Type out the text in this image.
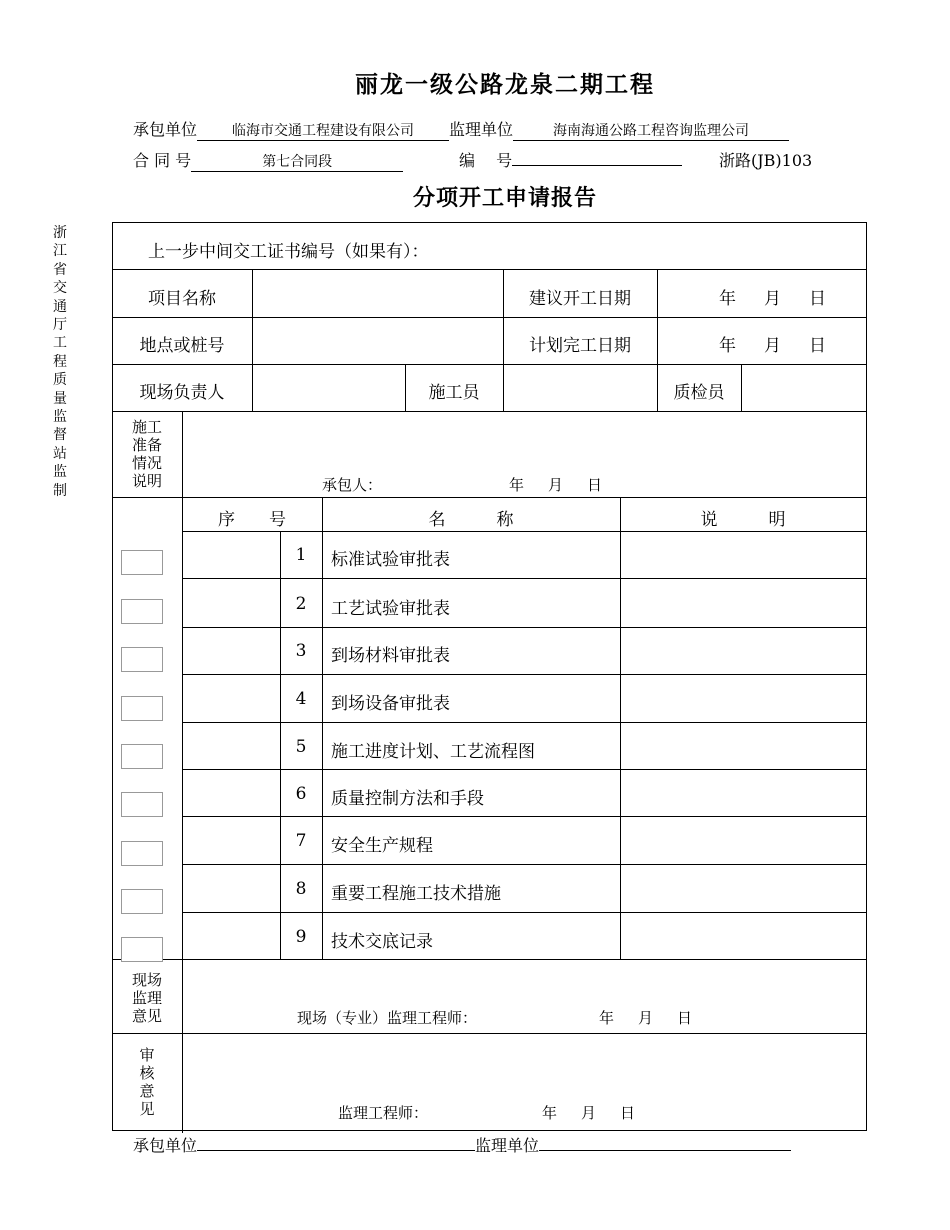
丽龙一级公路龙泉二期工程
承包单位	临海市交通工程建设有限公司 监理单位	海南海通公路工程咨询监理公司
合 同 号	第七合同段	编　 号	浙路(JB)103
分项开工申请报告
浙
江
省
交
通
厅
工
程
质
量
监
督
站
监
制
上一步中间交工证书编号（如果有）：
项目名称	建议开工日期	年 月 日
地点或桩号	计划完工日期	年 月 日
现场负责人	施工员	质检员
施工
准备
情况
说明	承包人：	年 月 日
序　　号	名　　　称	说　　　明
1	标准试验审批表
2	工艺试验审批表
3	到场材料审批表
4	到场设备审批表
5	施工进度计划、工艺流程图
6	质量控制方法和手段
7	安全生产规程
8	重要工程施工技术措施
9	技术交底记录
现场
监理
意见	现场（专业）监理工程师：	年 月 日
审
核
意
见	监理工程师：	年 月 日
承包单位	监理单位
